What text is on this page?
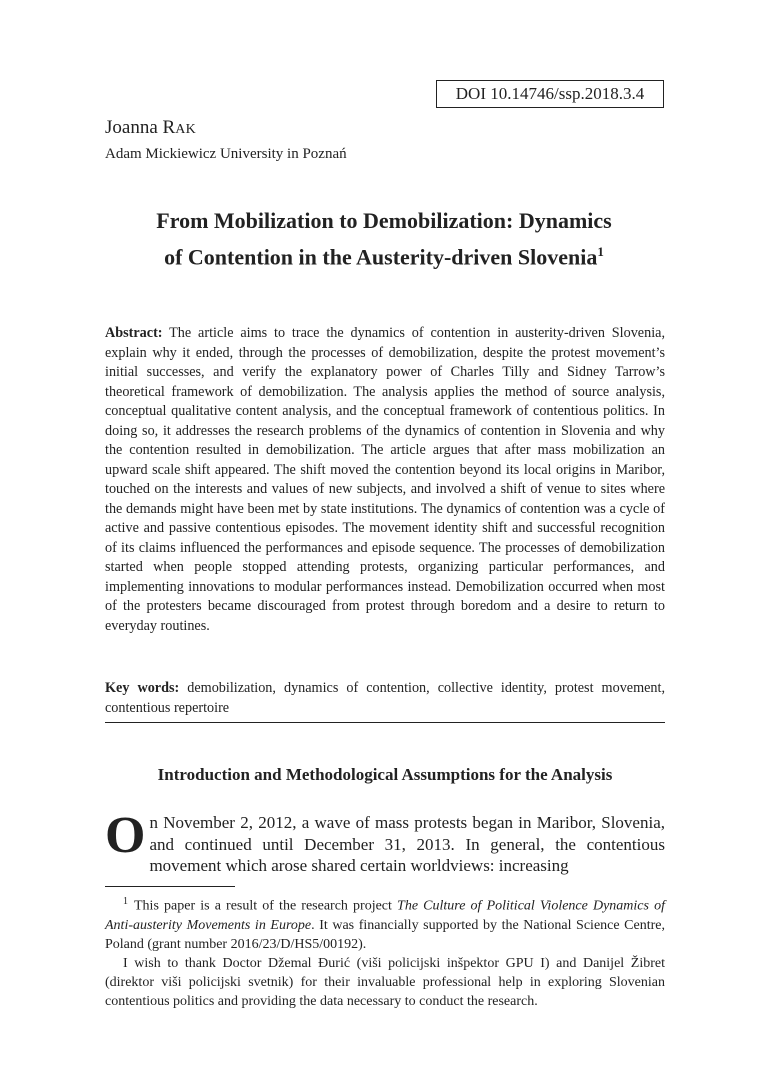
DOI 10.14746/ssp.2018.3.4
Joanna RAK
Adam Mickiewicz University in Poznań
From Mobilization to Demobilization: Dynamics
of Contention in the Austerity-driven Slovenia$^1$

Abstract: The article aims to trace the dynamics of contention in austerity-driven Slovenia, explain why it ended, through the processes of demobilization, despite the protest movement’s initial successes, and verify the explanatory power of Charles Tilly and Sidney Tarrow’s theoretical framework of demobilization. The analysis applies the method of source analysis, conceptual qualitative content analysis, and the conceptual framework of contentious politics. In doing so, it addresses the research problems of the dynamics of contention in Slovenia and why the contention resulted in demobilization. The article argues that after mass mobilization an upward scale shift appeared. The shift moved the contention beyond its local origins in Maribor, touched on the interests and values of new subjects, and involved a shift of venue to sites where the demands might have been met by state institutions. The dynamics of contention was a cycle of active and passive contentious episodes. The movement identity shift and successful recognition of its claims influenced the performances and episode sequence. The processes of demobilization started when people stopped attending protests, organizing particular performances, and implementing innovations to modular performances instead. Demobilization occurred when most of the protesters became discouraged from protest through boredom and a desire to return to everyday routines.

Key words: demobilization, dynamics of contention, collective identity, protest movement, contentious repertoire

Introduction and Methodological Assumptions for the Analysis

On November 2, 2012, a wave of mass protests began in Maribor, Slovenia, and continued until December 31, 2013. In general, the contentious movement which arose shared certain worldviews: increasing

$^1$ This paper is a result of the research project The Culture of Political Violence Dynamics of Anti-austerity Movements in Europe. It was financially supported by the National Science Centre, Poland (grant number 2016/23/D/HS5/00192).

I wish to thank Doctor Džemal Đurić (viši policijski inšpektor GPU I) and Danijel Žibret (direktor viši policijski svetnik) for their invaluable professional help in exploring Slovenian contentious politics and providing the data necessary to conduct the research.
